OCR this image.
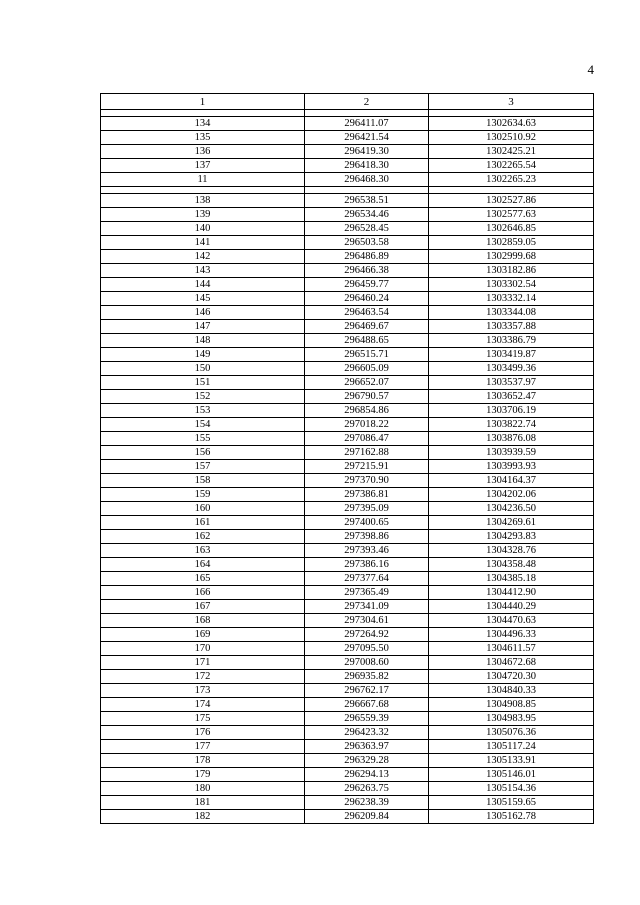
4
1	2	3

134	296411.07	1302634.63
135	296421.54	1302510.92
136	296419.30	1302425.21
137	296418.30	1302265.54
11	296468.30	1302265.23

138	296538.51	1302527.86
139	296534.46	1302577.63
140	296528.45	1302646.85
141	296503.58	1302859.05
142	296486.89	1302999.68
143	296466.38	1303182.86
144	296459.77	1303302.54
145	296460.24	1303332.14
146	296463.54	1303344.08
147	296469.67	1303357.88
148	296488.65	1303386.79
149	296515.71	1303419.87
150	296605.09	1303499.36
151	296652.07	1303537.97
152	296790.57	1303652.47
153	296854.86	1303706.19
154	297018.22	1303822.74
155	297086.47	1303876.08
156	297162.88	1303939.59
157	297215.91	1303993.93
158	297370.90	1304164.37
159	297386.81	1304202.06
160	297395.09	1304236.50
161	297400.65	1304269.61
162	297398.86	1304293.83
163	297393.46	1304328.76
164	297386.16	1304358.48
165	297377.64	1304385.18
166	297365.49	1304412.90
167	297341.09	1304440.29
168	297304.61	1304470.63
169	297264.92	1304496.33
170	297095.50	1304611.57
171	297008.60	1304672.68
172	296935.82	1304720.30
173	296762.17	1304840.33
174	296667.68	1304908.85
175	296559.39	1304983.95
176	296423.32	1305076.36
177	296363.97	1305117.24
178	296329.28	1305133.91
179	296294.13	1305146.01
180	296263.75	1305154.36
181	296238.39	1305159.65
182	296209.84	1305162.78
